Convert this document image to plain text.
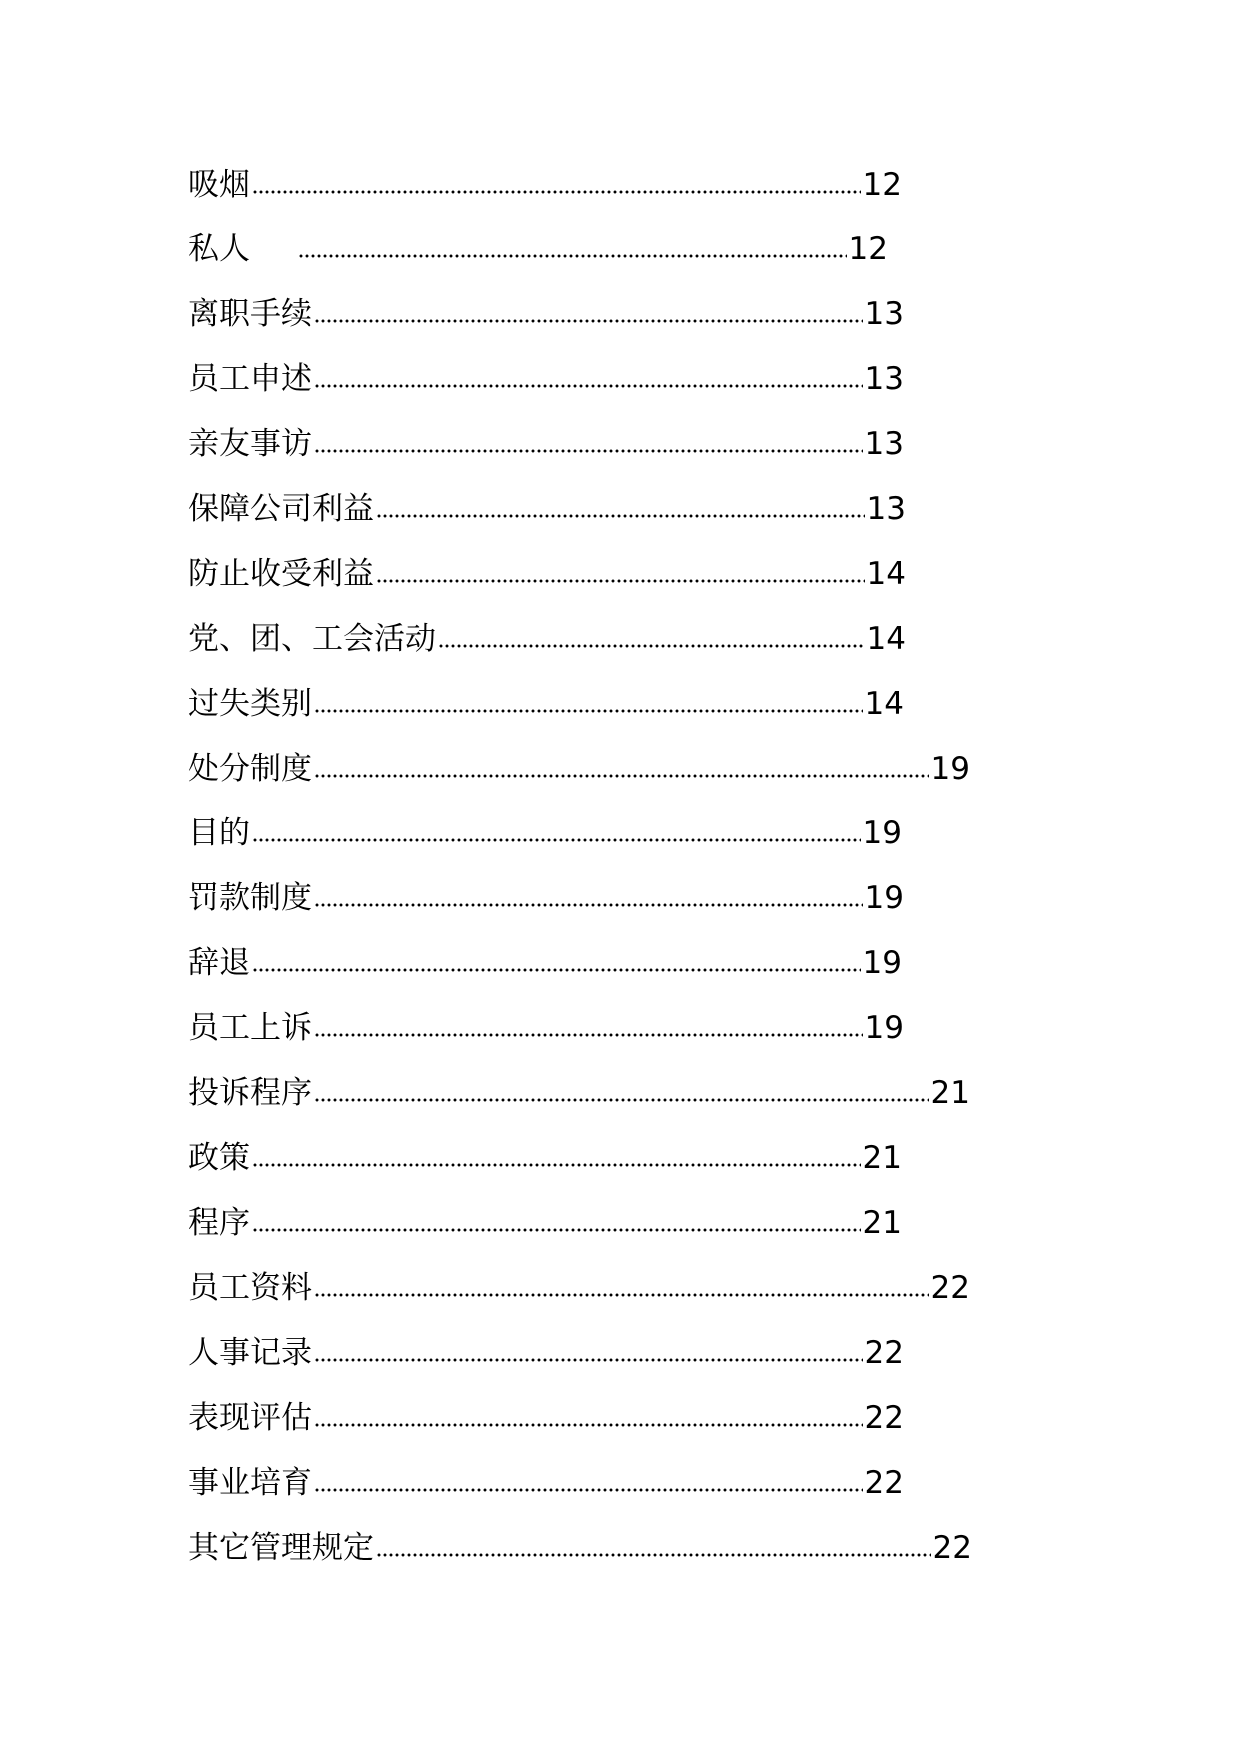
吸烟	12
私人	12
离职手续	13
员工申述	13
亲友事访	13
保障公司利益	13
防止收受利益	14
党、团、工会活动	14
过失类别	14
处分制度	19
目的	19
罚款制度	19
辞退	19
员工上诉	19
投诉程序	21
政策	21
程序	21
员工资料	22
人事记录	22
表现评估	22
事业培育	22
其它管理规定	22
